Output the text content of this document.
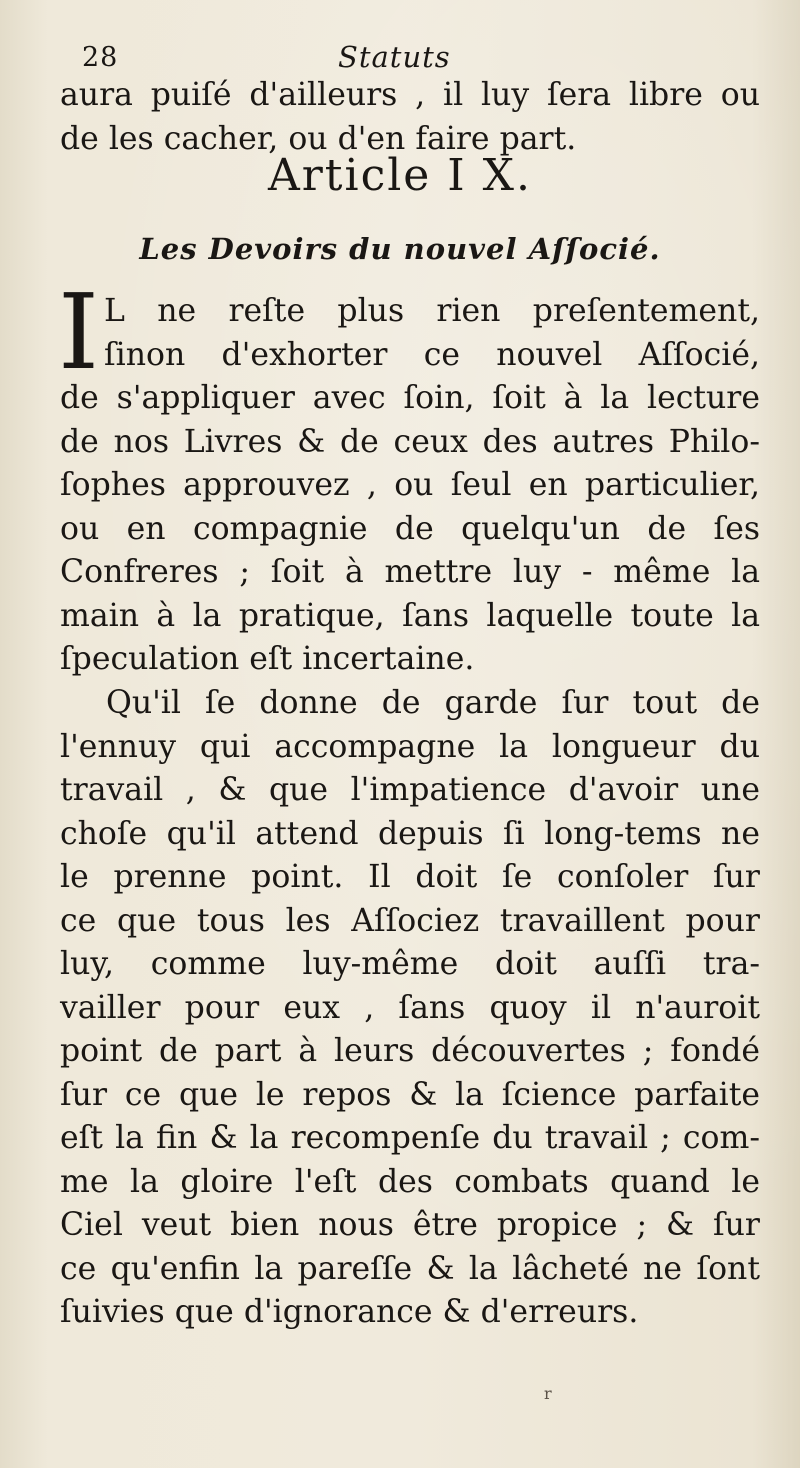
28	Statuts
aura puiſé d'ailleurs , il luy ſera libre ou
de les cacher, ou d'en faire part.
Article I X.
Les Devoirs du nouvel Aſſocié.
I L ne reſte plus rien preſentement,
ſinon d'exhorter ce nouvel Aſſocié,
de s'appliquer avec ſoin, ſoit à la lecture
de nos Livres & de ceux des autres Philo-
ſophes approuvez , ou ſeul en particulier,
ou en compagnie de quelqu'un de ſes
Confreres ; ſoit à mettre luy - même la
main à la pratique, ſans laquelle toute la
ſpeculation eſt incertaine.
Qu'il ſe donne de garde ſur tout de
l'ennuy qui accompagne la longueur du
travail , & que l'impatience d'avoir une
choſe qu'il attend depuis ſi long-tems ne
le prenne point. Il doit ſe conſoler ſur
ce que tous les Aſſociez travaillent pour
luy, comme luy-même doit auſſi tra-
vailler pour eux , ſans quoy il n'auroit
point de part à leurs découvertes ; fondé
ſur ce que le repos & la ſcience parfaite
eſt la fin & la recompenſe du travail ; com-
me la gloire l'eſt des combats quand le
Ciel veut bien nous être propice ; & ſur
ce qu'enfin la pareſſe & la lâcheté ne ſont
ſuivies que d'ignorance & d'erreurs.
r
